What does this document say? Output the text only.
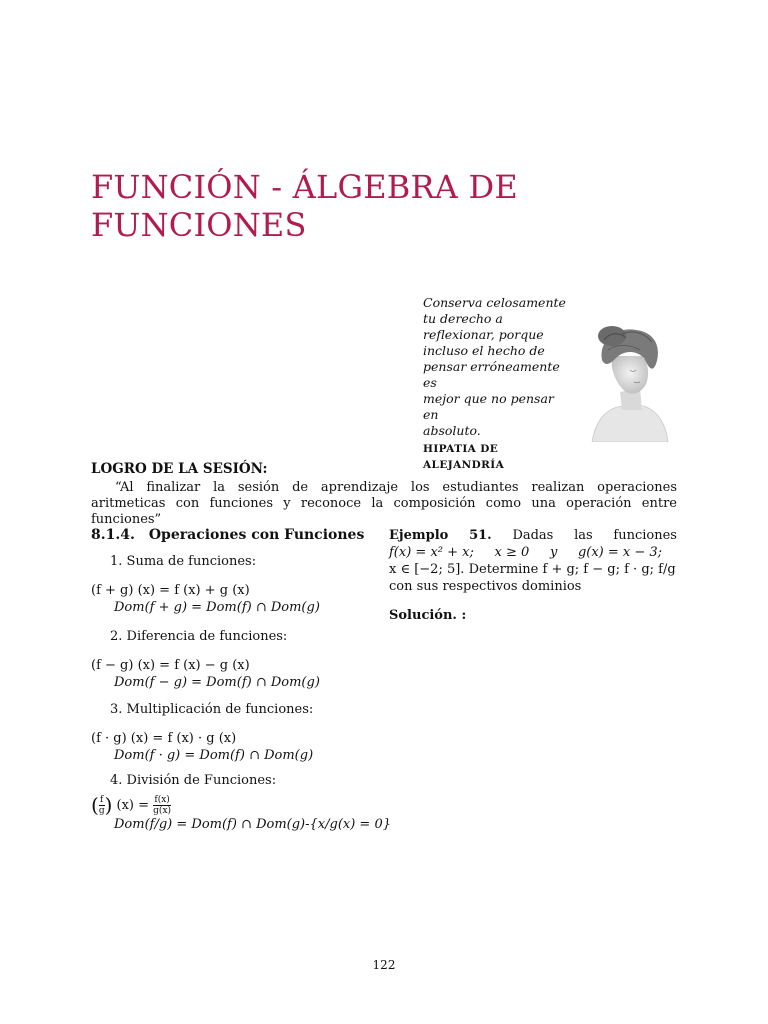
FUNCIÓN - ÁLGEBRA DE FUNCIONES
Conserva celosamente
tu derecho a
reflexionar, porque
incluso el hecho de
pensar erróneamente es
mejor que no pensar en
absoluto.
HIPATIA DE
ALEJANDRÍA
LOGRO DE LA SESIÓN:
“Al finalizar la sesión de aprendizaje los estudiantes realizan operaciones aritmeticas con funciones y reconoce la composición como una operación entre funciones”
8.1.4. Operaciones con Funciones
1. Suma de funciones:
(f + g) (x) = f (x) + g (x)
Dom(f + g) = Dom(f) ∩ Dom(g)
2. Diferencia de funciones:
(f − g) (x) = f (x) − g (x)
Dom(f − g) = Dom(f) ∩ Dom(g)
3. Multiplicación de funciones:
(f · g) (x) = f (x) · g (x)
Dom(f · g) = Dom(f) ∩ Dom(g)
4. División de Funciones:
( $\frac{f}{g}$ ) $(x) = \frac{f(x)}{g(x)}$
Dom(f/g) = Dom(f) ∩ Dom(g)-{x/g(x) = 0}
Ejemplo 51. Dadas las funciones
f(x) = x² + x;     x ≥ 0     y     g(x) = x − 3;
x ∈ [−2; 5]. Determine f + g; f − g; f · g; f/g
con sus respectivos dominios
Solución. :
122
